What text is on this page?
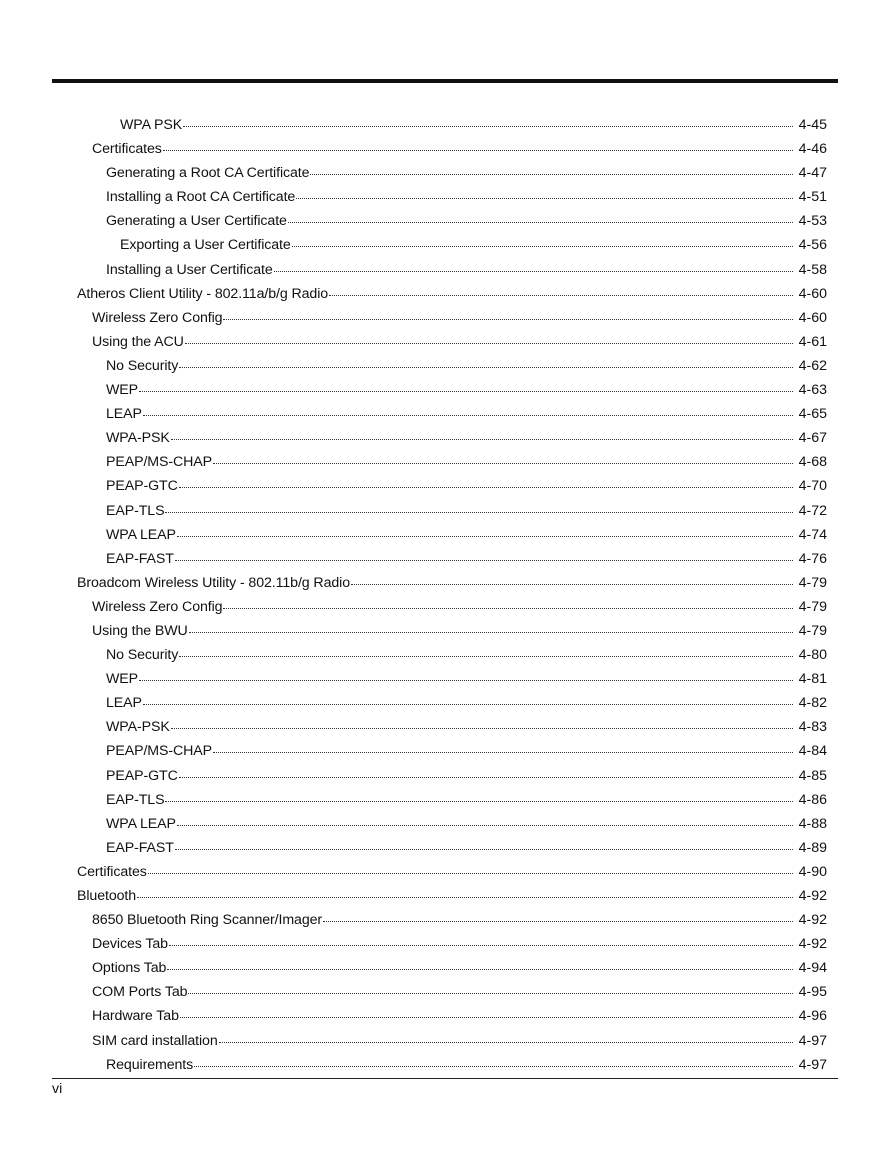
WPA PSK	4-45
Certificates	4-46
Generating a Root CA Certificate	4-47
Installing a Root CA Certificate	4-51
Generating a User Certificate	4-53
Exporting a User Certificate	4-56
Installing a User Certificate	4-58
Atheros Client Utility - 802.11a/b/g Radio	4-60
Wireless Zero Config	4-60
Using the ACU	4-61
No Security	4-62
WEP	4-63
LEAP	4-65
WPA-PSK	4-67
PEAP/MS-CHAP	4-68
PEAP-GTC	4-70
EAP-TLS	4-72
WPA LEAP	4-74
EAP-FAST	4-76
Broadcom Wireless Utility - 802.11b/g Radio	4-79
Wireless Zero Config	4-79
Using the BWU	4-79
No Security	4-80
WEP	4-81
LEAP	4-82
WPA-PSK	4-83
PEAP/MS-CHAP	4-84
PEAP-GTC	4-85
EAP-TLS	4-86
WPA LEAP	4-88
EAP-FAST	4-89
Certificates	4-90
Bluetooth	4-92
8650 Bluetooth Ring Scanner/Imager	4-92
Devices Tab	4-92
Options Tab	4-94
COM Ports Tab	4-95
Hardware Tab	4-96
SIM card installation	4-97
Requirements	4-97
vi
